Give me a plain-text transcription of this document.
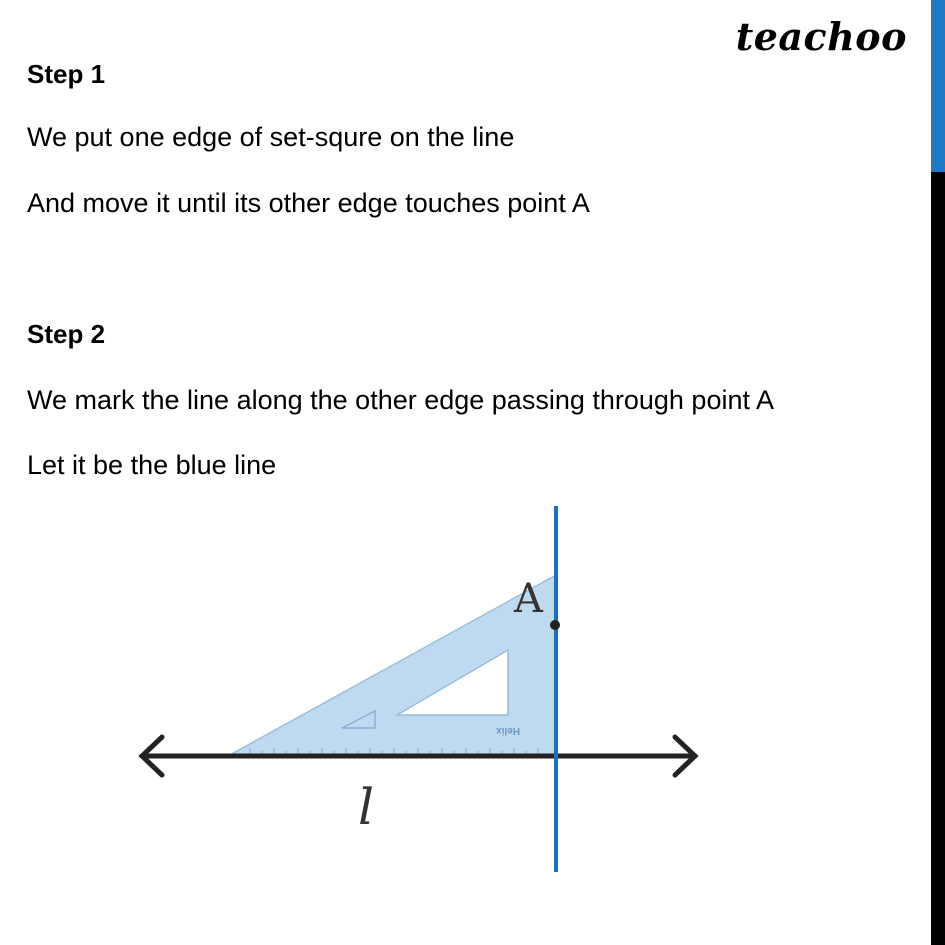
teachoo
Step 1
We put one edge of set-squre on the line
And move it until its other edge touches point A
Step 2
We mark the line along the other edge passing through point A
Let it be the blue line
Helix
A
l
